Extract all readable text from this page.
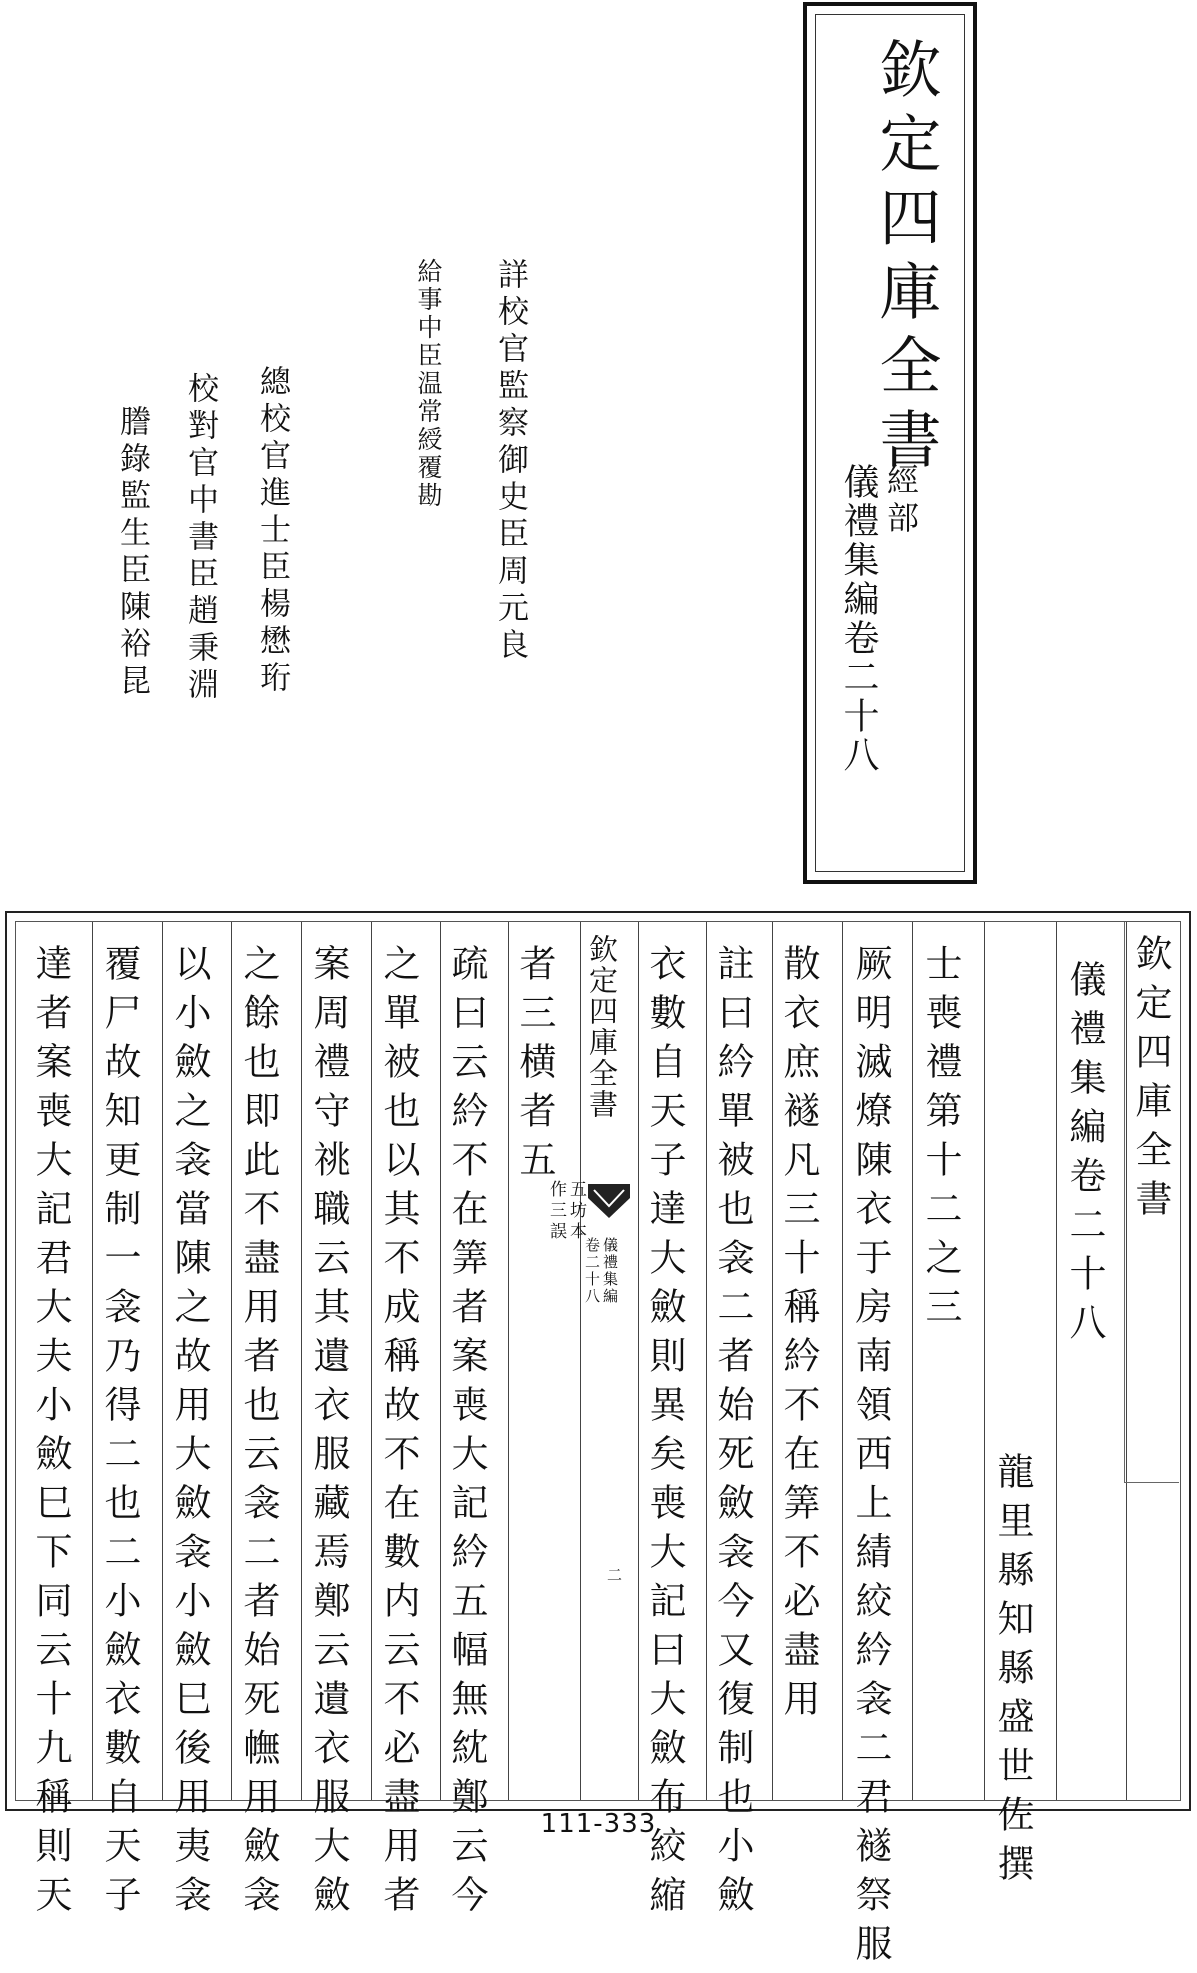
欽定四庫全書
經部
儀禮集編卷二十八
詳校官監察御史臣周元良
給事中臣温常綬覆勘
總校官進士臣楊懋珩
校對官中書臣趙秉淵
謄錄監生臣陳裕昆
欽定四庫全書
儀禮集編卷二十八
龍里縣知縣盛世佐撰
士喪禮第十二之三
厥明滅燎陳衣于房南領西上綪絞紟衾二君襚祭服
散衣庶襚凡三十稱紟不在筭不必盡用
註曰紟單被也衾二者始死斂衾今又復制也小斂
衣數自天子達大斂則異矣喪大記曰大斂布絞縮
欽定四庫全書
儀禮集編
卷二十八
二
者三横者五
五坊本
作三誤
疏曰云紟不在筭者案喪大記紟五幅無紞鄭云今
之單被也以其不成稱故不在數内云不必盡用者
案周禮守祧職云其遺衣服藏焉鄭云遺衣服大斂
之餘也即此不盡用者也云衾二者始死幠用斂衾
以小斂之衾當陳之故用大斂衾小斂巳後用夷衾
覆尸故知更制一衾乃得二也二小斂衣數自天子
達者案喪大記君大夫小斂巳下同云十九稱則天	111-333
